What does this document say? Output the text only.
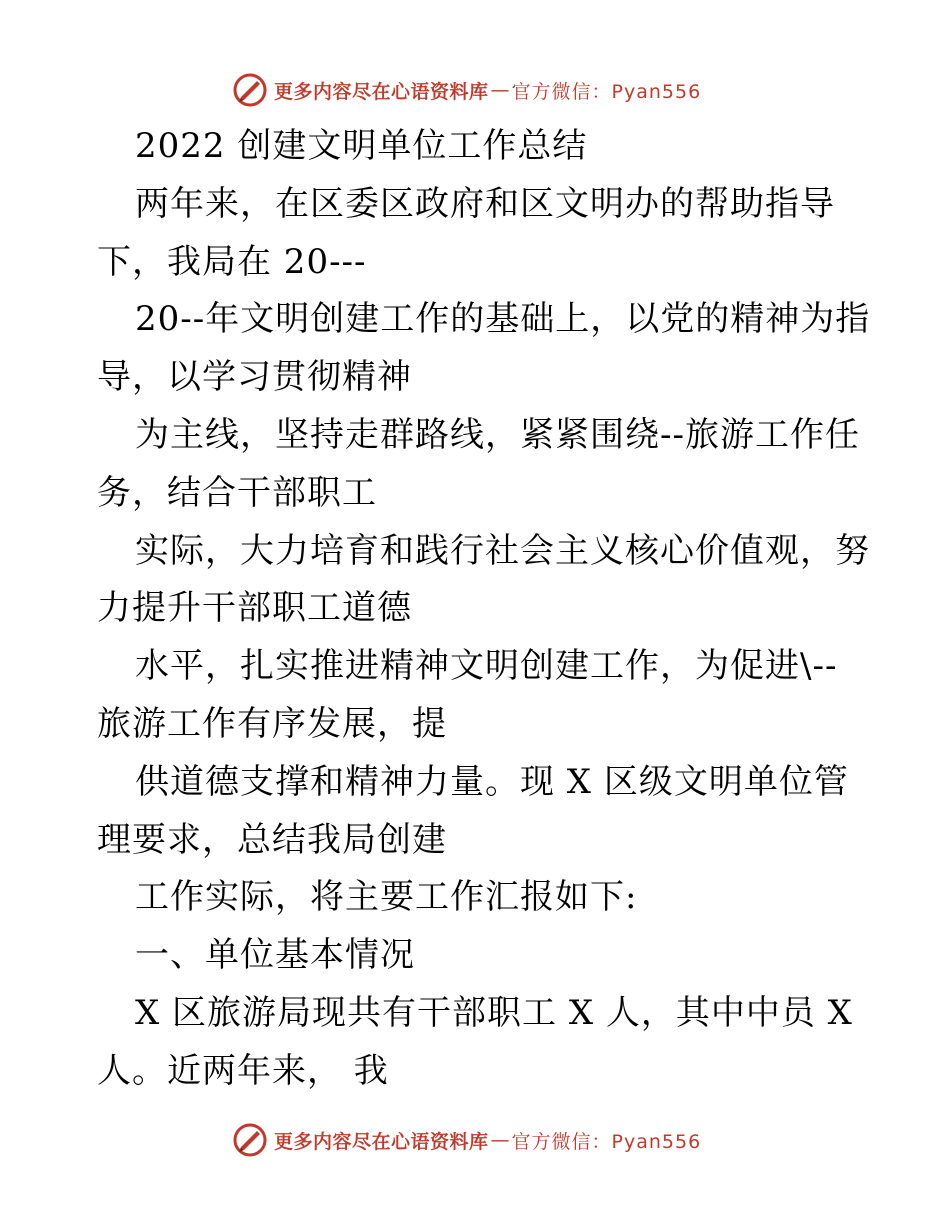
更多内容尽在心语资料库 — 官方微信：Pyan556
2022 创建文明单位工作总结
两年来，在区委区政府和区文明办的帮助指导
下，我局在 20---
20--年文明创建工作的基础上，以党的精神为指
导，以学习贯彻精神
为主线，坚持走群路线，紧紧围绕--旅游工作任
务，结合干部职工
实际，大力培育和践行社会主义核心价值观，努
力提升干部职工道德
水平，扎实推进精神文明创建工作，为促进\--
旅游工作有序发展，提
供道德支撑和精神力量。现 X 区级文明单位管
理要求，总结我局创建
工作实际，将主要工作汇报如下:
一、单位基本情况
X 区旅游局现共有干部职工 X 人，其中中员 X
人。近两年来， 我
更多内容尽在心语资料库 — 官方微信：Pyan556
